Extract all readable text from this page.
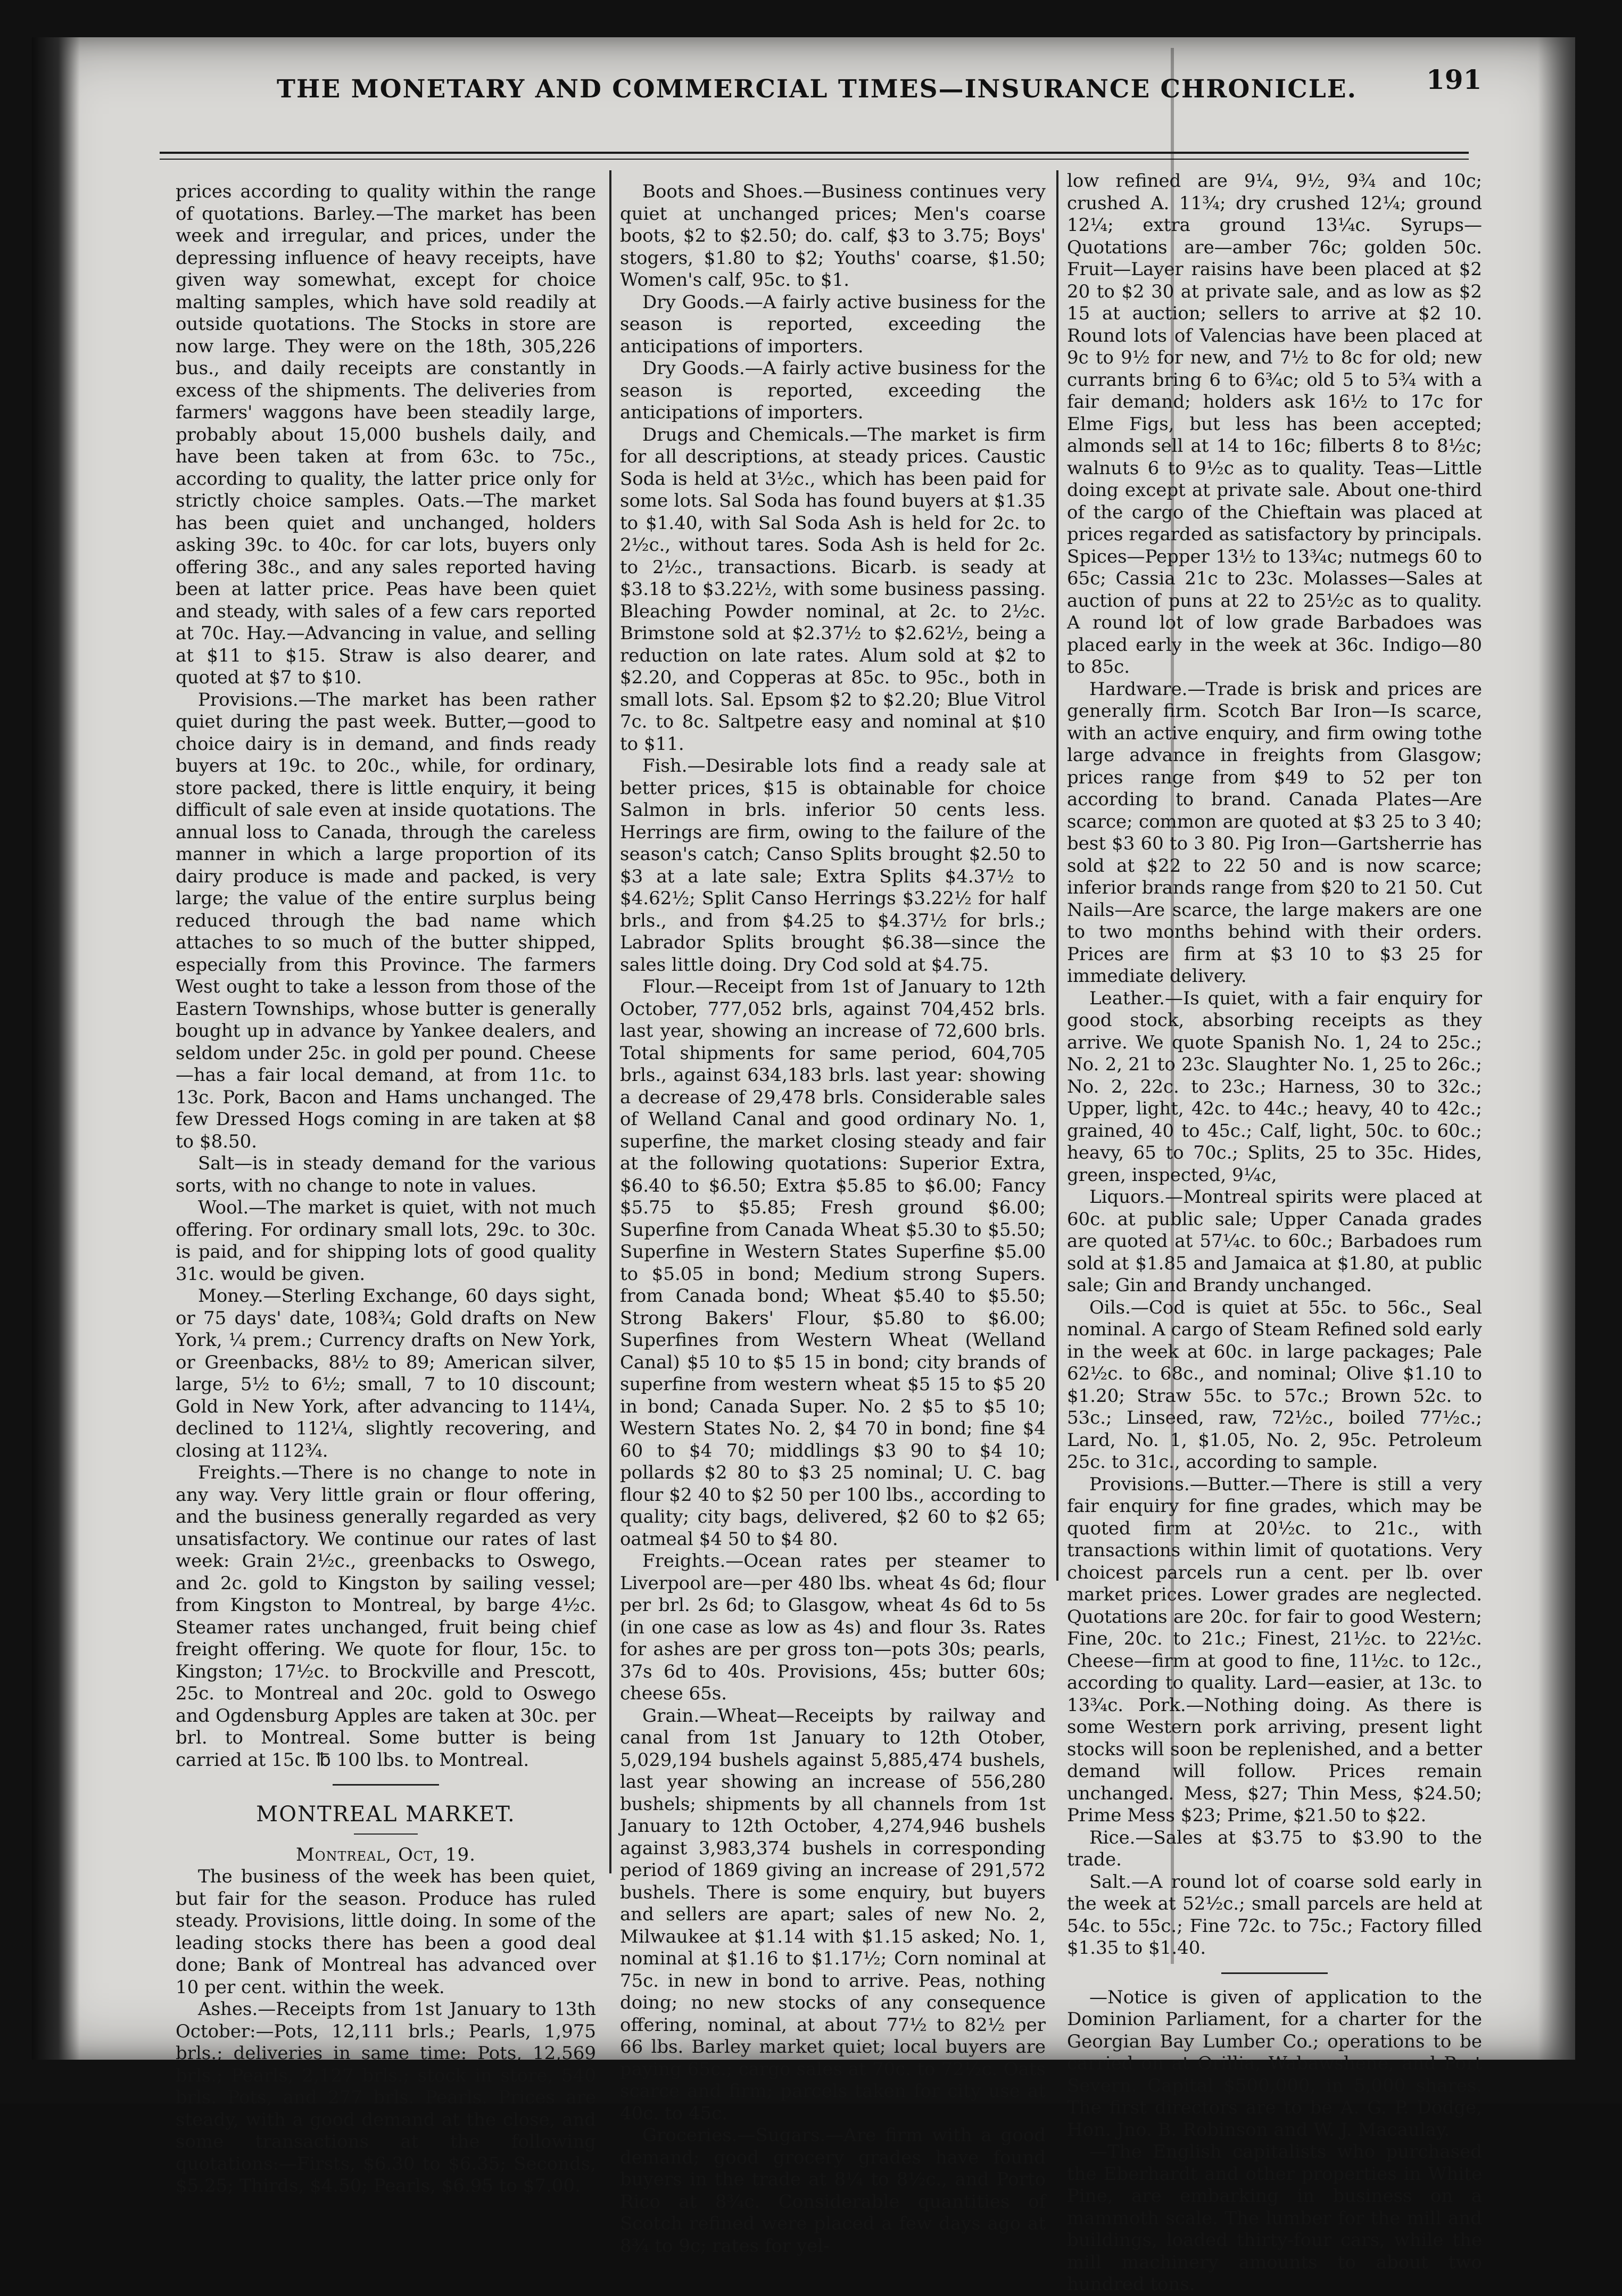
THE MONETARY AND COMMERCIAL TIMES—INSURANCE CHRONICLE.	191

prices according to quality within the range of quotations. Barley.—The market has been week and irregular, and prices, under the depressing influence of heavy receipts, have given way somewhat, except for choice malting samples, which have sold readily at outside quotations. The Stocks in store are now large. They were on the 18th, 305,226 bus., and daily receipts are constantly in excess of the shipments. The deliveries from farmers' waggons have been steadily large, probably about 15,000 bushels daily, and have been taken at from 63c. to 75c., according to quality, the latter price only for strictly choice samples. Oats.—The market has been quiet and unchanged, holders asking 39c. to 40c. for car lots, buyers only offering 38c., and any sales reported having been at latter price. Peas have been quiet and steady, with sales of a few cars reported at 70c. Hay.—Advancing in value, and selling at $11 to $15. Straw is also dearer, and quoted at $7 to $10.

Provisions.—The market has been rather quiet during the past week. Butter,—good to choice dairy is in demand, and finds ready buyers at 19c. to 20c., while, for ordinary, store packed, there is little enquiry, it being difficult of sale even at inside quotations. The annual loss to Canada, through the careless manner in which a large proportion of its dairy produce is made and packed, is very large; the value of the entire surplus being reduced through the bad name which attaches to so much of the butter shipped, especially from this Province. The farmers West ought to take a lesson from those of the Eastern Townships, whose butter is generally bought up in advance by Yankee dealers, and seldom under 25c. in gold per pound. Cheese—has a fair local demand, at from 11c. to 13c. Pork, Bacon and Hams unchanged. The few Dressed Hogs coming in are taken at $8 to $8.50.

Salt—is in steady demand for the various sorts, with no change to note in values.

Wool.—The market is quiet, with not much offering. For ordinary small lots, 29c. to 30c. is paid, and for shipping lots of good quality 31c. would be given.

Money.—Sterling Exchange, 60 days sight, or 75 days' date, 108¾; Gold drafts on New York, ¼ prem.; Currency drafts on New York, or Greenbacks, 88½ to 89; American silver, large, 5½ to 6½; small, 7 to 10 discount; Gold in New York, after advancing to 114¼, declined to 112¼, slightly recovering, and closing at 112¾.

Freights.—There is no change to note in any way. Very little grain or flour offering, and the business generally regarded as very unsatisfactory. We continue our rates of last week: Grain 2½c., greenbacks to Oswego, and 2c. gold to Kingston by sailing vessel; from Kingston to Montreal, by barge 4½c. Steamer rates unchanged, fruit being chief freight offering. We quote for flour, 15c. to Kingston; 17½c. to Brockville and Prescott, 25c. to Montreal and 20c. gold to Oswego and Ogdensburg Apples are taken at 30c. per brl. to Montreal. Some butter is being carried at 15c. ℔ 100 lbs. to Montreal.

MONTREAL MARKET.

Montreal, Oct, 19.

The business of the week has been quiet, but fair for the season. Produce has ruled steady. Provisions, little doing. In some of the leading stocks there has been a good deal done; Bank of Montreal has advanced over 10 per cent. within the week.

Ashes.—Receipts from 1st January to 13th October:—Pots, 12,111 brls.; Pearls, 1,975 brls.; deliveries in same time: Pots, 12,569 brls.; Pearls, 2,127 brls.; stock in store, 540 brls. Pots, and 277 brls. Pearls. Prices are steady, with a good demand at the close, and some transactions at the following quotations:—Firsts, $6.30 to $6.35; Seconds, $5.25; Thirds, $4.50; Pearls, $6.95 to $7.00.

Boots and Shoes.—Business continues very quiet at unchanged prices; Men's coarse boots, $2 to $2.50; do. calf, $3 to 3.75; Boys' stogers, $1.80 to $2; Youths' coarse, $1.50; Women's calf, 95c. to $1.

Dry Goods.—A fairly active business for the season is reported, exceeding the anticipations of importers.

Dry Goods.—A fairly active business for the season is reported, exceeding the anticipations of importers.

Drugs and Chemicals.—The market is firm for all descriptions, at steady prices. Caustic Soda is held at 3½c., which has been paid for some lots. Sal Soda has found buyers at $1.35 to $1.40, with Sal Soda Ash is held for 2c. to 2½c., without tares. Soda Ash is held for 2c. to 2½c., transactions. Bicarb. is seady at $3.18 to $3.22½, with some business passing. Bleaching Powder nominal, at 2c. to 2½c. Brimstone sold at $2.37½ to $2.62½, being a reduction on late rates. Alum sold at $2 to $2.20, and Copperas at 85c. to 95c., both in small lots. Sal. Epsom $2 to $2.20; Blue Vitrol 7c. to 8c. Saltpetre easy and nominal at $10 to $11.

Fish.—Desirable lots find a ready sale at better prices, $15 is obtainable for choice Salmon in brls. inferior 50 cents less. Herrings are firm, owing to the failure of the season's catch; Canso Splits brought $2.50 to $3 at a late sale; Extra Splits $4.37½ to $4.62½; Split Canso Herrings $3.22½ for half brls., and from $4.25 to $4.37½ for brls.; Labrador Splits brought $6.38—since the sales little doing. Dry Cod sold at $4.75.

Flour.—Receipt from 1st of January to 12th October, 777,052 brls, against 704,452 brls. last year, showing an increase of 72,600 brls. Total shipments for same period, 604,705 brls., against 634,183 brls. last year: showing a decrease of 29,478 brls. Considerable sales of Welland Canal and good ordinary No. 1, superfine, the market closing steady and fair at the following quotations: Superior Extra, $6.40 to $6.50; Extra $5.85 to $6.00; Fancy $5.75 to $5.85; Fresh ground $6.00; Superfine from Canada Wheat $5.30 to $5.50; Superfine in Western States Superfine $5.00 to $5.05 in bond; Medium strong Supers. from Canada bond; Wheat $5.40 to $5.50; Strong Bakers' Flour, $5.80 to $6.00; Superfines from Western Wheat (Welland Canal) $5 10 to $5 15 in bond; city brands of superfine from western wheat $5 15 to $5 20 in bond; Canada Super. No. 2 $5 to $5 10; Western States No. 2, $4 70 in bond; fine $4 60 to $4 70; middlings $3 90 to $4 10; pollards $2 80 to $3 25 nominal; U. C. bag flour $2 40 to $2 50 per 100 lbs., according to quality; city bags, delivered, $2 60 to $2 65; oatmeal $4 50 to $4 80.

Freights.—Ocean rates per steamer to Liverpool are—per 480 lbs. wheat 4s 6d; flour per brl. 2s 6d; to Glasgow, wheat 4s 6d to 5s (in one case as low as 4s) and flour 3s. Rates for ashes are per gross ton—pots 30s; pearls, 37s 6d to 40s. Provisions, 45s; butter 60s; cheese 65s.

Grain.—Wheat—Receipts by railway and canal from 1st January to 12th Otober, 5,029,194 bushels against 5,885,474 bushels, last year showing an increase of 556,280 bushels; shipments by all channels from 1st January to 12th October, 4,274,946 bushels against 3,983,374 bushels in corresponding period of 1869 giving an increase of 291,572 bushels. There is some enquiry, but buyers and sellers are apart; sales of new No. 2, Milwaukee at $1.14 with $1.15 asked; No. 1, nominal at $1.16 to $1.17½; Corn nominal at 75c. in new in bond to arrive. Peas, nothing doing; no new stocks of any consequence offering, nominal, at about 77½ to 82½ per 66 lbs. Barley market quiet; local buyers are paying 65c.; cargo sales at 70c. to 72½c. Oats scarce and firm; parcels taken for city use at 40c. to 45c.

Groceries.—Sugars.—Are firm with a good demand; good grocery grades have found buyers in the trade at 8¼ to 8½c., and Porto Rico at 8¾c. Considerable quantities of Scotch refined were placed a few days ago at 8¾ to 9c; rates for yel-

low refined are 9¼, 9½, 9¾ and 10c; crushed A. 11¾; dry crushed 12¼; ground 12¼; extra ground 13¼c. Syrups—Quotations are—amber 76c; golden 50c. Fruit—Layer raisins have been placed at $2 20 to $2 30 at private sale, and as low as $2 15 at auction; sellers to arrive at $2 10. Round lots of Valencias have been placed at 9c to 9½ for new, and 7½ to 8c for old; new currants bring 6 to 6¾c; old 5 to 5¾ with a fair demand; holders ask 16½ to 17c for Elme Figs, but less has been accepted; almonds sell at 14 to 16c; filberts 8 to 8½c; walnuts 6 to 9½c as to quality. Teas—Little doing except at private sale. About one-third of the cargo of the Chieftain was placed at prices regarded as satisfactory by principals. Spices—Pepper 13½ to 13¾c; nutmegs 60 to 65c; Cassia 21c to 23c. Molasses—Sales at auction of puns at 22 to 25½c as to quality. A round lot of low grade Barbadoes was placed early in the week at 36c. Indigo—80 to 85c.

Hardware.—Trade is brisk and prices are generally firm. Scotch Bar Iron—Is scarce, with an active enquiry, and firm owing tothe large advance in freights from Glasgow; prices range from $49 to 52 per ton according to brand. Canada Plates—Are scarce; common are quoted at $3 25 to 3 40; best $3 60 to 3 80. Pig Iron—Gartsherrie has sold at $22 to 22 50 and is now scarce; inferior brands range from $20 to 21 50. Cut Nails—Are scarce, the large makers are one to two months behind with their orders. Prices are firm at $3 10 to $3 25 for immediate delivery.

Leather.—Is quiet, with a fair enquiry for good stock, absorbing receipts as they arrive. We quote Spanish No. 1, 24 to 25c.; No. 2, 21 to 23c. Slaughter No. 1, 25 to 26c.; No. 2, 22c. to 23c.; Harness, 30 to 32c.; Upper, light, 42c. to 44c.; heavy, 40 to 42c.; grained, 40 to 45c.; Calf, light, 50c. to 60c.; heavy, 65 to 70c.; Splits, 25 to 35c. Hides, green, inspected, 9¼c,

Liquors.—Montreal spirits were placed at 60c. at public sale; Upper Canada grades are quoted at 57¼c. to 60c.; Barbadoes rum sold at $1.85 and Jamaica at $1.80, at public sale; Gin and Brandy unchanged.

Oils.—Cod is quiet at 55c. to 56c., Seal nominal. A cargo of Steam Refined sold early in the week at 60c. in large packages; Pale 62½c. to 68c., and nominal; Olive $1.10 to $1.20; Straw 55c. to 57c.; Brown 52c. to 53c.; Linseed, raw, 72½c., boiled 77½c.; Lard, No. 1, $1.05, No. 2, 95c. Petroleum 25c. to 31c., according to sample.

Provisions.—Butter.—There is still a very fair enquiry for fine grades, which may be quoted firm at 20½c. to 21c., with transactions within limit of quotations. Very choicest parcels run a cent. per lb. over market prices. Lower grades are neglected. Quotations are 20c. for fair to good Western; Fine, 20c. to 21c.; Finest, 21½c. to 22½c. Cheese—firm at good to fine, 11½c. to 12c., according to quality. Lard—easier, at 13c. to 13¾c. Pork.—Nothing doing. As there is some Western pork arriving, present light stocks will soon be replenished, and a better demand will follow. Prices remain unchanged. Mess, $27; Thin Mess, $24.50; Prime Mess $23; Prime, $21.50 to $22.

Rice.—Sales at $3.75 to $3.90 to the trade.

Salt.—A round lot of coarse sold early in the week at 52½c.; small parcels are held at 54c. to 55c.; Fine 72c. to 75c.; Factory filled $1.35 to $1.40.

—Notice is given of application to the Dominion Parliament, for a charter for the Georgian Bay Lumber Co.; operations to be carried on at Orillia, Wabawshene, and Port Severn. Capital $500,000, in 5,000 shares. The first directors are to be A. G. P. Dodge, Hon. Jno. B. Robinson and W. J. Macaulay.

—The English capitalists who purchased the Eberhardt and other properties in White Pine, are embarking in business on a mammoth scale. The lumber for the mill and buildings, loaded thirty-four cars, while the mill machinery amounts to about two hundred tons.
